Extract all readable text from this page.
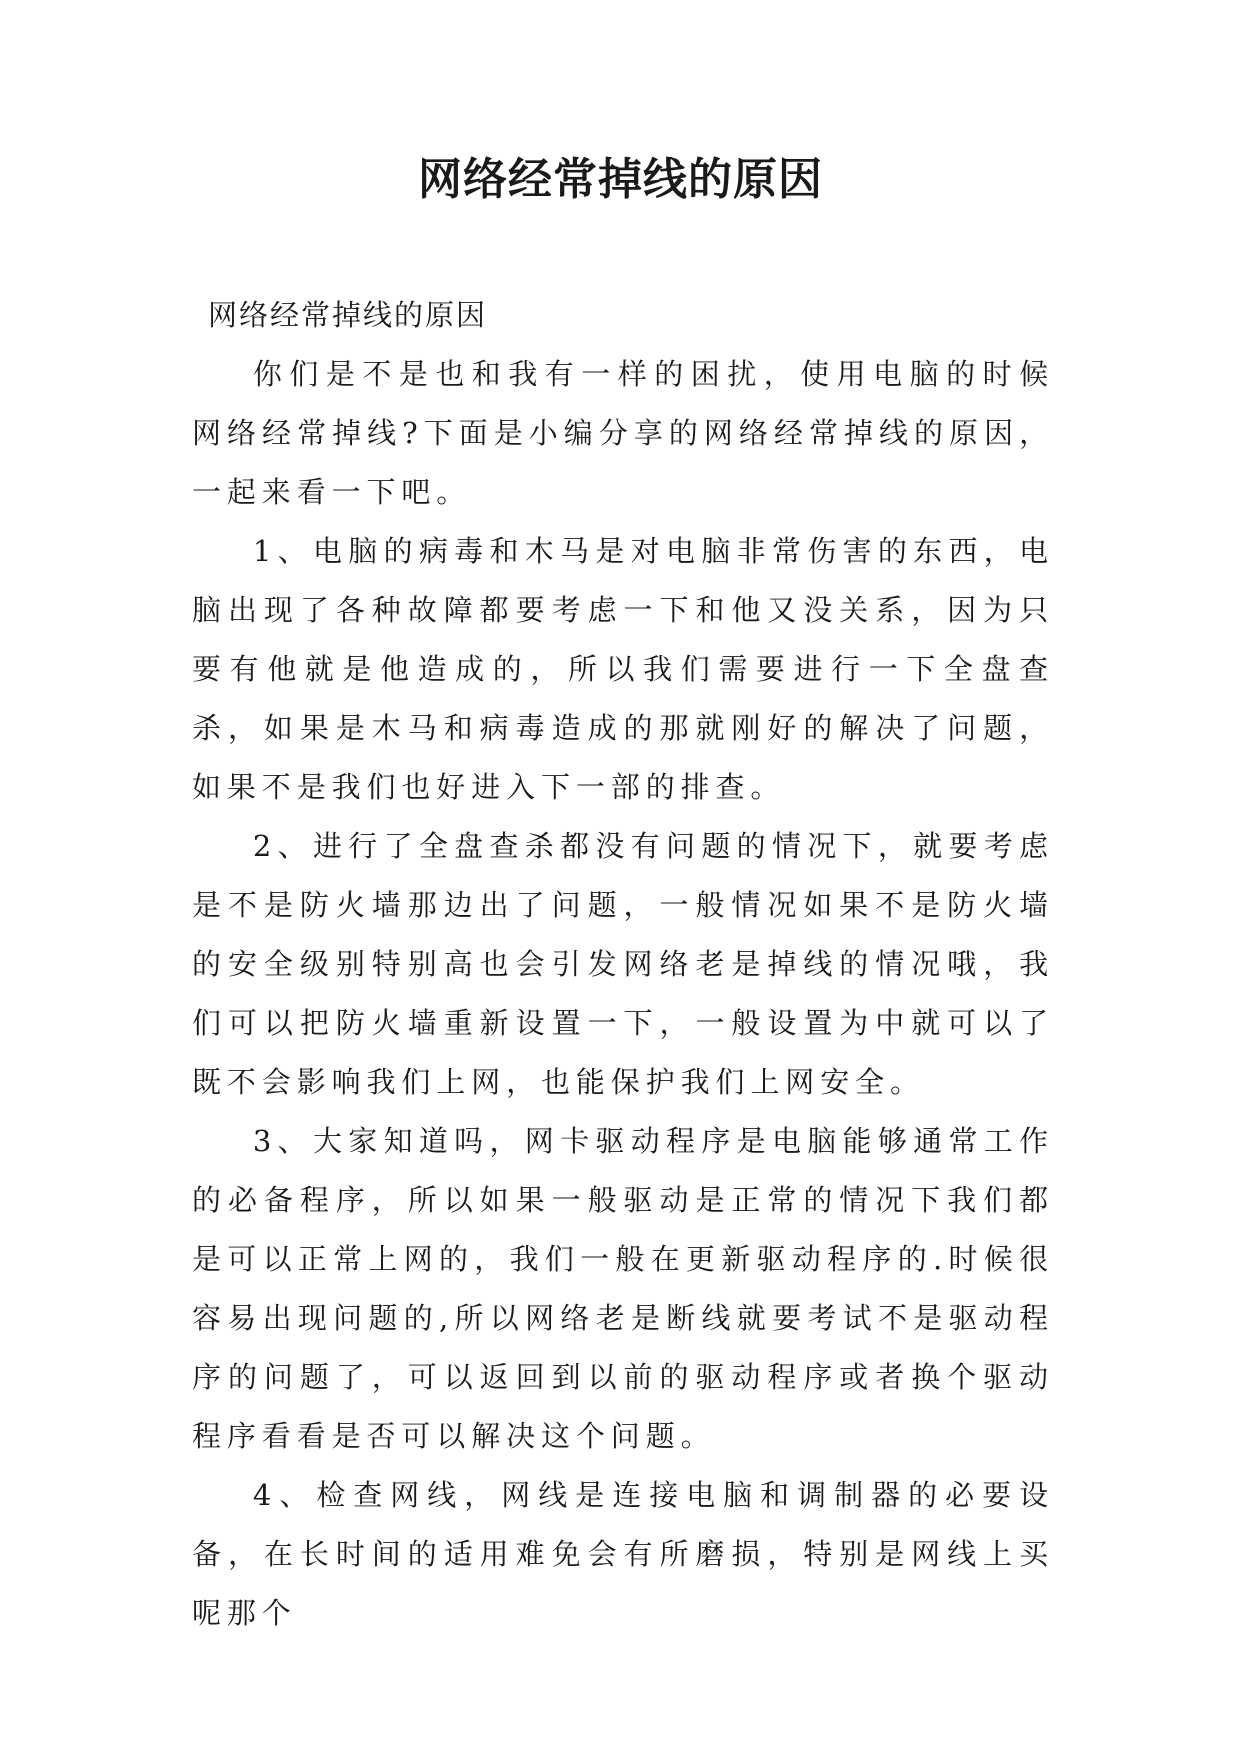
网络经常掉线的原因

网络经常掉线的原因

你们是不是也和我有一样的困扰，使用电脑的时候网络经常掉线?下面是小编分享的网络经常掉线的原因，一起来看一下吧。

1、电脑的病毒和木马是对电脑非常伤害的东西，电脑出现了各种故障都要考虑一下和他又没关系，因为只要有他就是他造成的，所以我们需要进行一下全盘查杀，如果是木马和病毒造成的那就刚好的解决了问题，如果不是我们也好进入下一部的排查。

2、进行了全盘查杀都没有问题的情况下，就要考虑是不是防火墙那边出了问题，一般情况如果不是防火墙的安全级别特别高也会引发网络老是掉线的情况哦，我们可以把防火墙重新设置一下，一般设置为中就可以了既不会影响我们上网，也能保护我们上网安全。

3、大家知道吗，网卡驱动程序是电脑能够通常工作的必备程序，所以如果一般驱动是正常的情况下我们都是可以正常上网的，我们一般在更新驱动程序的.时候很容易出现问题的,所以网络老是断线就要考试不是驱动程序的问题了，可以返回到以前的驱动程序或者换个驱动程序看看是否可以解决这个问题。

4、检查网线，网线是连接电脑和调制器的必要设备，在长时间的适用难免会有所磨损，特别是网线上买呢那个
